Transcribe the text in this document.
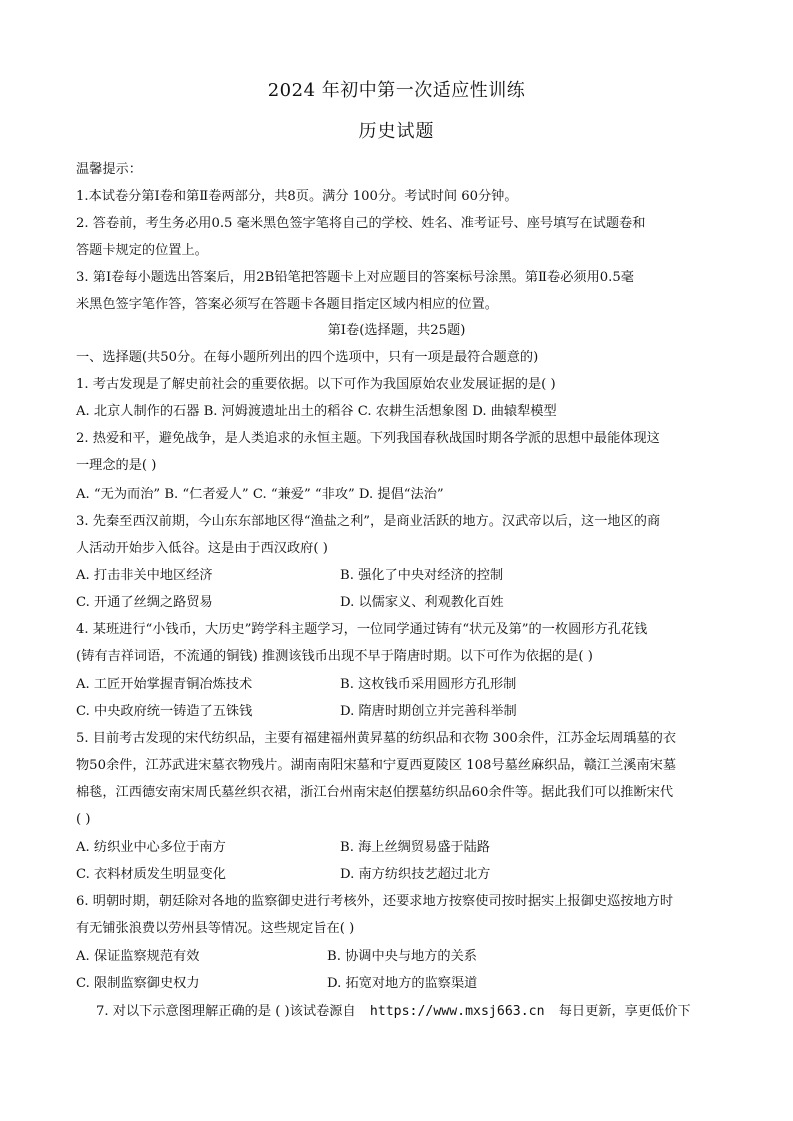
2024 年初中第一次适应性训练
历史试题
温馨提示：
1.本试卷分第Ⅰ卷和第Ⅱ卷两部分，共8页。满分 100分。考试时间 60分钟。
2. 答卷前，考生务必用0.5 毫米黑色签字笔将自己的学校、姓名、准考证号、座号填写在试题卷和
答题卡规定的位置上。
3. 第Ⅰ卷每小题选出答案后，用2B铅笔把答题卡上对应题目的答案标号涂黑。第Ⅱ卷必须用0.5毫
米黑色签字笔作答，答案必须写在答题卡各题目指定区域内相应的位置。
第Ⅰ卷(选择题，共25题)
一、选择题(共50分。在每小题所列出的四个选项中，只有一项是最符合题意的)
1. 考古发现是了解史前社会的重要依据。以下可作为我国原始农业发展证据的是( )
A. 北京人制作的石器 B. 河姆渡遗址出土的稻谷 C. 农耕生活想象图 D. 曲辕犁模型
2. 热爱和平，避免战争，是人类追求的永恒主题。下列我国春秋战国时期各学派的思想中最能体现这
一理念的是( )
A. “无为而治” B. “仁者爱人” C. “兼爱” “非攻” D. 提倡“法治”
3. 先秦至西汉前期，今山东东部地区得“渔盐之利”，是商业活跃的地方。汉武帝以后，这一地区的商
人活动开始步入低谷。这是由于西汉政府( )
A. 打击非关中地区经济	B. 强化了中央对经济的控制
C. 开通了丝绸之路贸易	D. 以儒家义、利观教化百姓
4. 某班进行“小钱币，大历史”跨学科主题学习，一位同学通过铸有“状元及第”的一枚圆形方孔花钱
(铸有吉祥词语，不流通的铜钱) 推测该钱币出现不早于隋唐时期。以下可作为依据的是( )
A. 工匠开始掌握青铜冶炼技术	B. 这枚钱币采用圆形方孔形制
C. 中央政府统一铸造了五铢钱	D. 隋唐时期创立并完善科举制
5. 目前考古发现的宋代纺织品，主要有福建福州黄昇墓的纺织品和衣物 300余件，江苏金坛周瑀墓的衣
物50余件，江苏武进宋墓衣物残片。湖南南阳宋墓和宁夏西夏陵区 108号墓丝麻织品，赣江兰溪南宋墓
棉毯，江西德安南宋周氏墓丝织衣裙，浙江台州南宋赵伯摆墓纺织品60余件等。据此我们可以推断宋代
( )
A. 纺织业中心多位于南方	B. 海上丝绸贸易盛于陆路
C. 衣料材质发生明显变化	D. 南方纺织技艺超过北方
6. 明朝时期，朝廷除对各地的监察御史进行考核外，还要求地方按察使司按时据实上报御史巡按地方时
有无铺张浪费以劳州县等情况。这些规定旨在( )
A. 保证监察规范有效	B. 协调中央与地方的关系
C. 限制监察御史权力	D. 拓宽对地方的监察渠道
7. 对以下示意图理解正确的是 ( )该试卷源自 https://www.mxsj663.cn 每日更新，享更低价下
